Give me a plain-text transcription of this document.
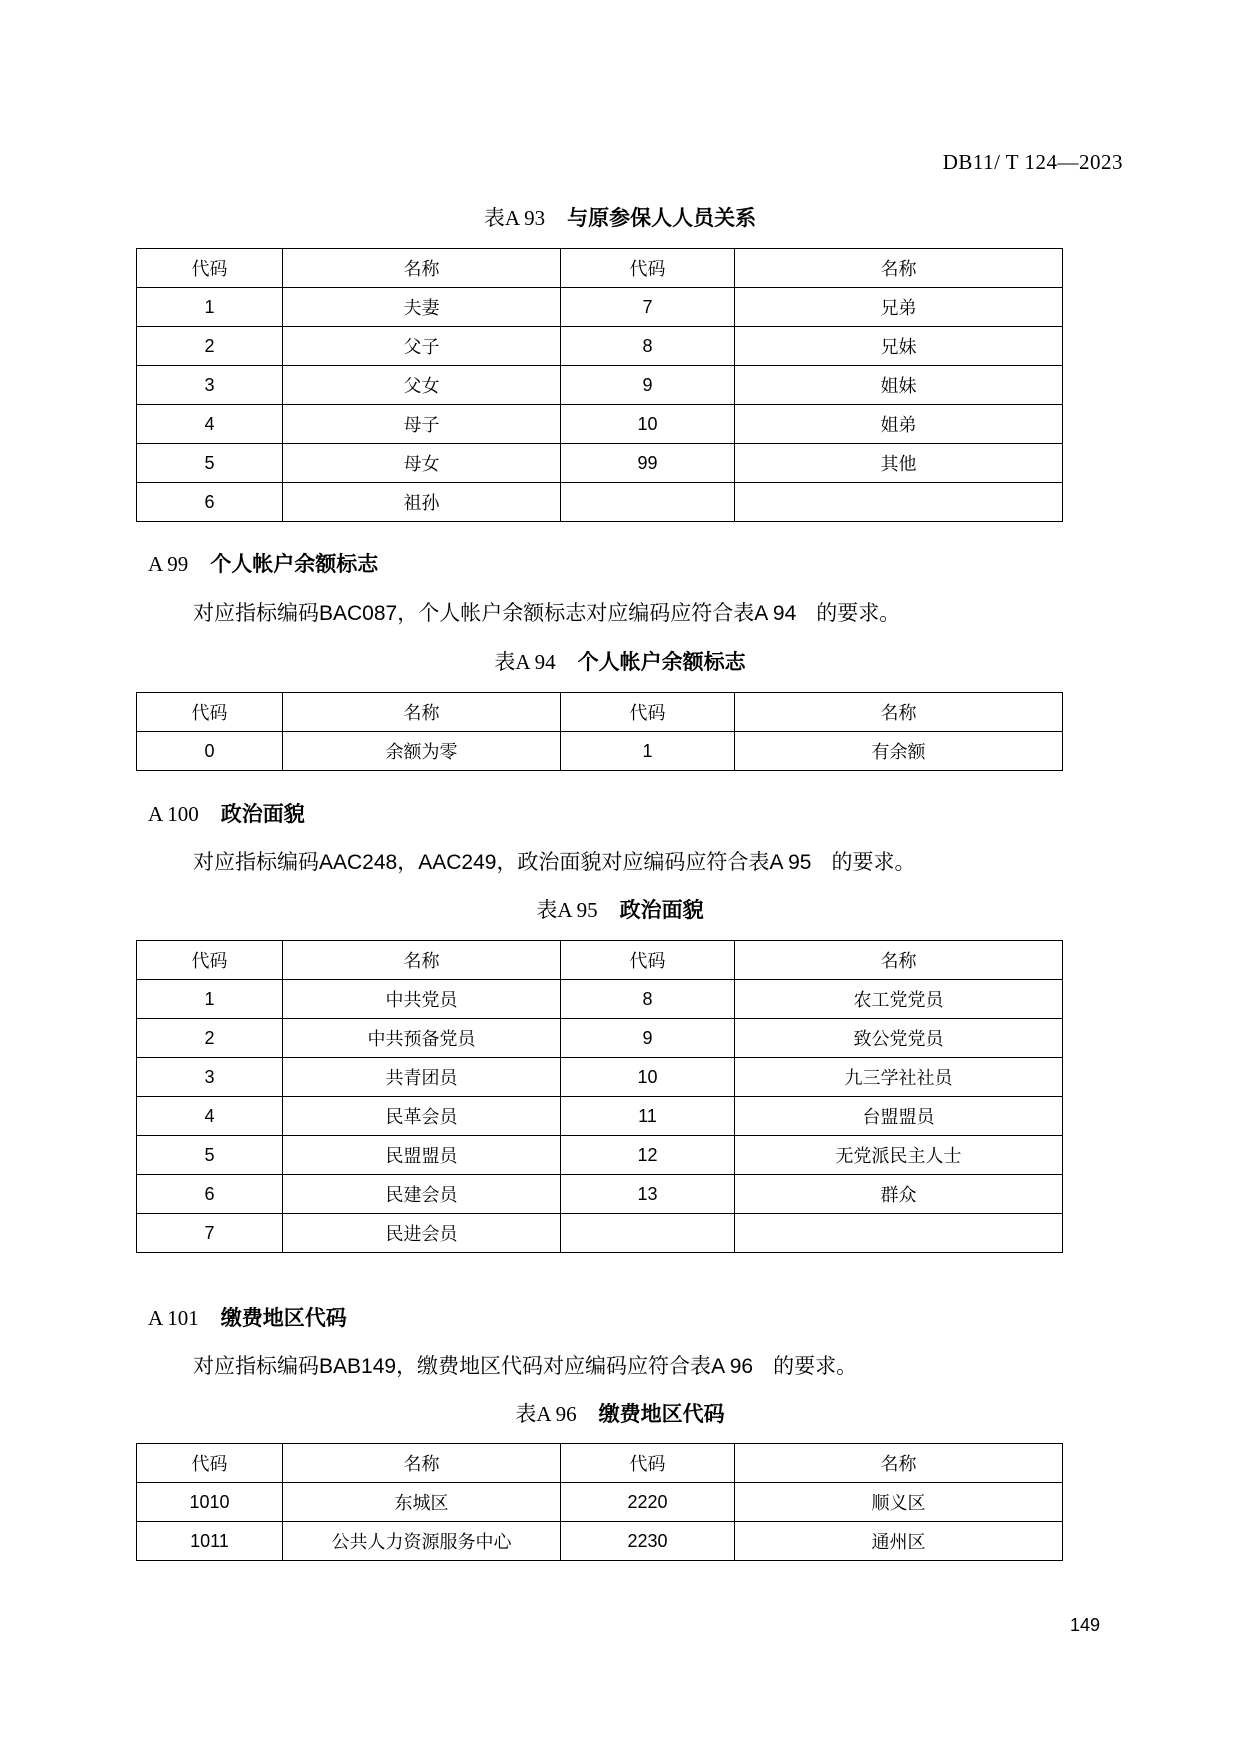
DB11/ T 124—2023
表A 93 与原参保人人员关系
代码	名称	代码	名称
1	夫妻	7	兄弟
2	父子	8	兄妹
3	父女	9	姐妹
4	母子	10	姐弟
5	母女	99	其他
6	祖孙		
A 99 个人帐户余额标志
对应指标编码BAC087，个人帐户余额标志对应编码应符合表A 94 的要求。
表A 94 个人帐户余额标志
代码	名称	代码	名称
0	余额为零	1	有余额
A 100 政治面貌
对应指标编码AAC248，AAC249，政治面貌对应编码应符合表A 95 的要求。
表A 95 政治面貌
代码	名称	代码	名称
1	中共党员	8	农工党党员
2	中共预备党员	9	致公党党员
3	共青团员	10	九三学社社员
4	民革会员	11	台盟盟员
5	民盟盟员	12	无党派民主人士
6	民建会员	13	群众
7	民进会员		
A 101 缴费地区代码
对应指标编码BAB149，缴费地区代码对应编码应符合表A 96 的要求。
表A 96 缴费地区代码
代码	名称	代码	名称
1010	东城区	2220	顺义区
1011	公共人力资源服务中心	2230	通州区
149
